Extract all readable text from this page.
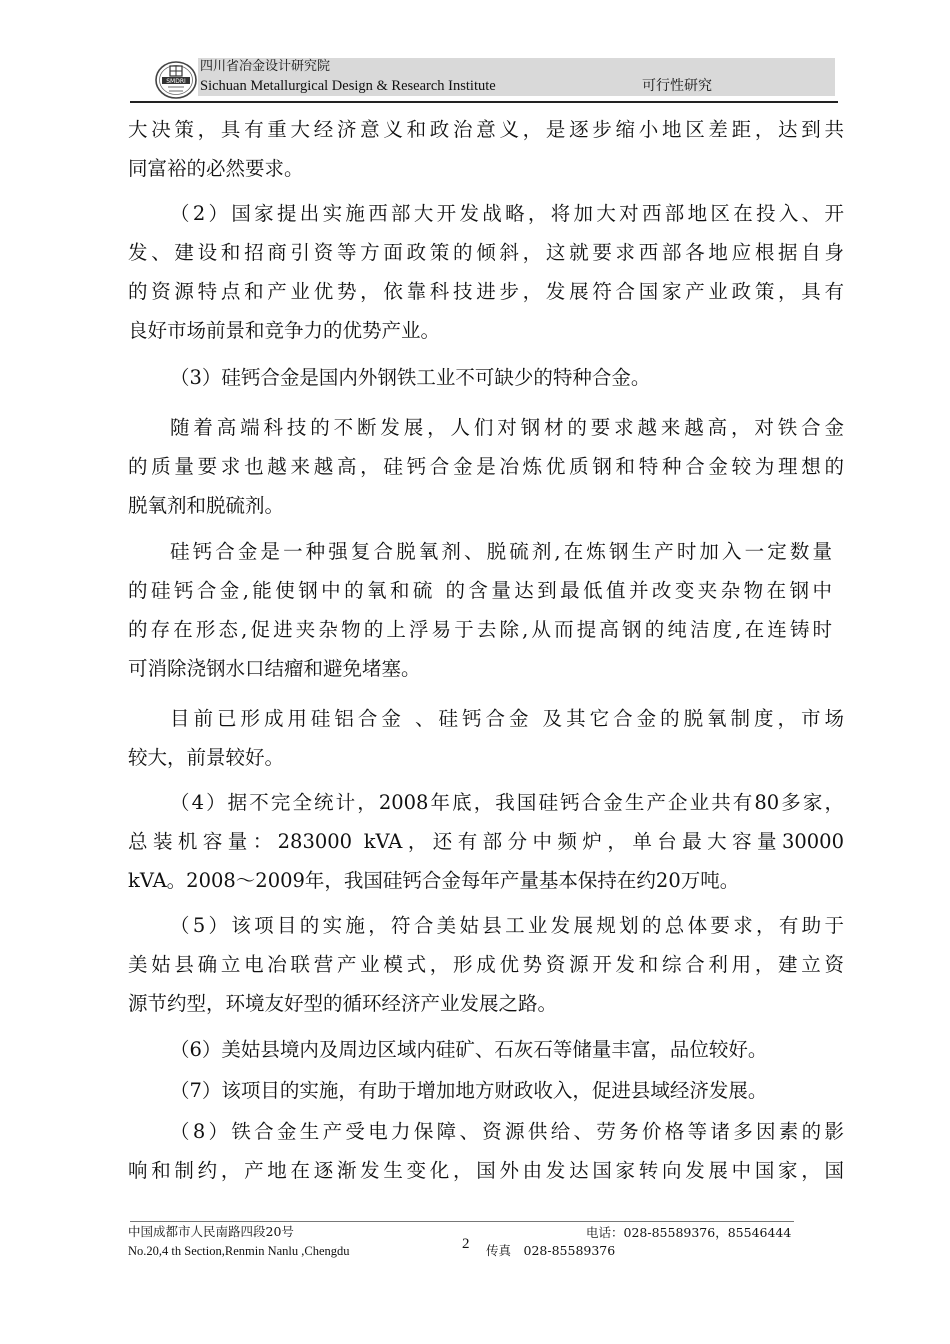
SMDRI
四川省冶金设计研究院
Sichuan Metallurgical Design & Research Institute	可行性研究
大决策，具有重大经济意义和政治意义，是逐步缩小地区差距，达到共
同富裕的必然要求。
（2）国家提出实施西部大开发战略，将加大对西部地区在投入、开
发、建设和招商引资等方面政策的倾斜，这就要求西部各地应根据自身
的资源特点和产业优势，依靠科技进步，发展符合国家产业政策，具有
良好市场前景和竞争力的优势产业。
（3）硅钙合金是国内外钢铁工业不可缺少的特种合金。
随着高端科技的不断发展，人们对钢材的要求越来越高，对铁合金
的质量要求也越来越高，硅钙合金是冶炼优质钢和特种合金较为理想的
脱氧剂和脱硫剂。
硅钙合金是一种强复合脱氧剂、脱硫剂,在炼钢生产时加入一定数量
的硅钙合金,能使钢中的氧和硫 的含量达到最低值并改变夹杂物在钢中
的存在形态,促进夹杂物的上浮易于去除,从而提高钢的纯洁度,在连铸时
可消除浇钢水口结瘤和避免堵塞。
目前已形成用硅铝合金 、硅钙合金 及其它合金的脱氧制度，市场
较大，前景较好。
（4）据不完全统计，2008年底，我国硅钙合金生产企业共有80多家，
总装机容量：283000 kVA，还有部分中频炉，单台最大容量30000
kVA。2008～2009年，我国硅钙合金每年产量基本保持在约20万吨。
（5）该项目的实施，符合美姑县工业发展规划的总体要求，有助于
美姑县确立电冶联营产业模式，形成优势资源开发和综合利用，建立资
源节约型，环境友好型的循环经济产业发展之路。
（6）美姑县境内及周边区域内硅矿、石灰石等储量丰富，品位较好。
（7）该项目的实施，有助于增加地方财政收入，促进县域经济发展。
（8）铁合金生产受电力保障、资源供给、劳务价格等诸多因素的影
响和制约，产地在逐渐发生变化，国外由发达国家转向发展中国家，国
中国成都市人民南路四段20号
No.20,4 th Section,Renmin Nanlu ,Chengdu	2
电话：028-85589376，85546444
传真　028-85589376
